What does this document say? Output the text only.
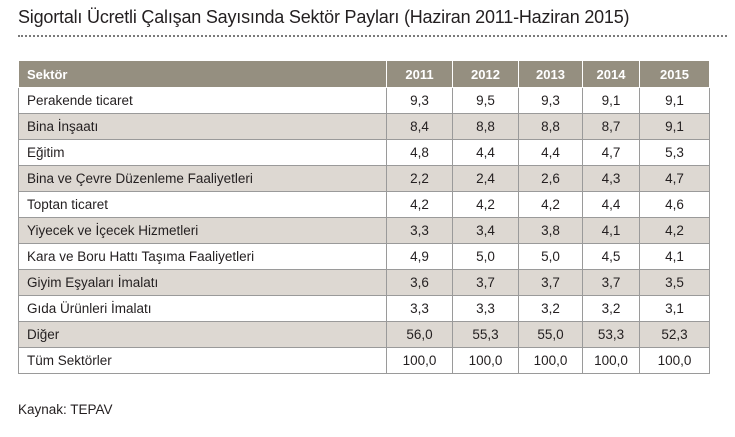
Sigortalı Ücretli Çalışan Sayısında Sektör Payları (Haziran 2011-Haziran 2015)
Sektör	2011	2012	2013	2014	2015
Perakende ticaret	9,3	9,5	9,3	9,1	9,1
Bina İnşaatı	8,4	8,8	8,8	8,7	9,1
Eğitim	4,8	4,4	4,4	4,7	5,3
Bina ve Çevre Düzenleme Faaliyetleri	2,2	2,4	2,6	4,3	4,7
Toptan ticaret	4,2	4,2	4,2	4,4	4,6
Yiyecek ve İçecek Hizmetleri	3,3	3,4	3,8	4,1	4,2
Kara ve Boru Hattı Taşıma Faaliyetleri	4,9	5,0	5,0	4,5	4,1
Giyim Eşyaları İmalatı	3,6	3,7	3,7	3,7	3,5
Gıda Ürünleri İmalatı	3,3	3,3	3,2	3,2	3,1
Diğer	56,0	55,3	55,0	53,3	52,3
Tüm Sektörler	100,0	100,0	100,0	100,0	100,0
Kaynak: TEPAV
